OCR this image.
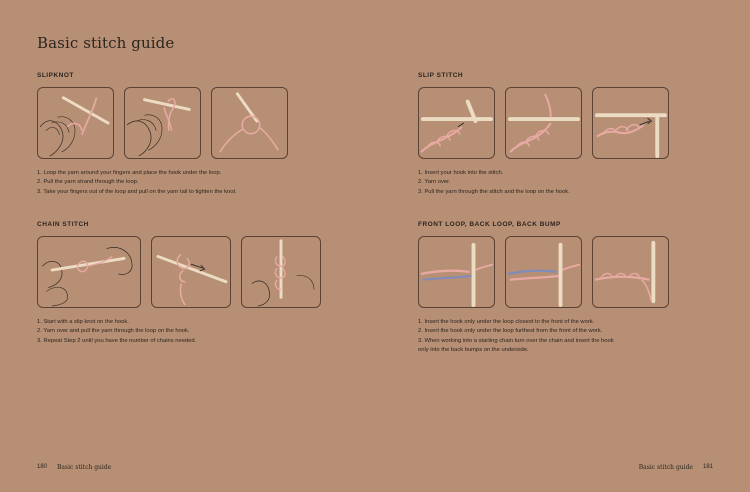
Basic stitch guide
SLIPKNOT
1. Loop the yarn around your fingers and place the hook under the loop.
2. Pull the yarn strand through the loop.
3. Take your fingers out of the loop and pull on the yarn tail to tighten the knot.
CHAIN STITCH
1. Start with a slip knot on the hook.
2. Yarn over and pull the yarn through the loop on the hook.
3. Repeat Step 2 until you have the number of chains needed.
SLIP STITCH
1. Insert your hook into the stitch.
2. Yarn over.
3. Pull the yarn through the stitch and the loop on the hook.
FRONT LOOP, BACK LOOP, BACK BUMP
1. Insert the hook only under the loop closest to the front of the work.
2. Insert the hook only under the loop furthest from the front of the work.
3. When working into a starting chain turn over the chain and insert the hook
only into the back bumps on the underside.
180 Basic stitch guide	Basic stitch guide 181
